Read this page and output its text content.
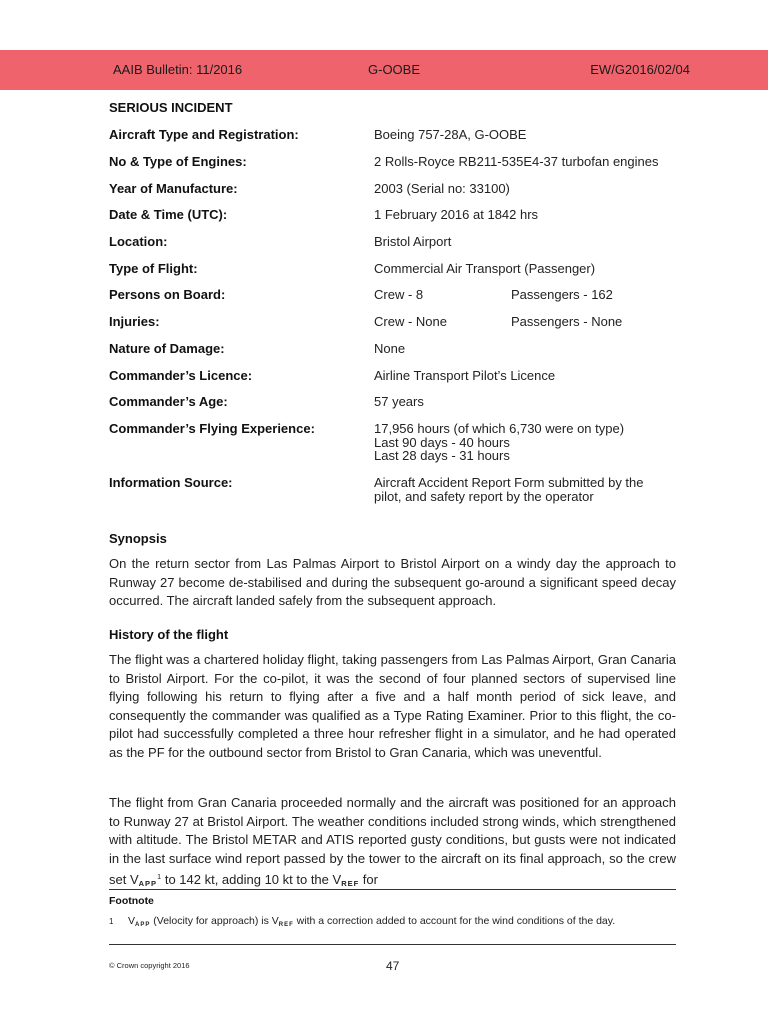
AAIB Bulletin: 11/2016	G-OOBE	EW/G2016/02/04
SERIOUS INCIDENT
Aircraft Type and Registration:	Boeing 757-28A, G-OOBE
No & Type of Engines:	2 Rolls-Royce RB211-535E4-37 turbofan engines
Year of Manufacture:	2003 (Serial no: 33100)
Date & Time (UTC):	1 February 2016 at 1842 hrs
Location:	Bristol Airport
Type of Flight:	Commercial Air Transport (Passenger)
Persons on Board:	Crew - 8	Passengers - 162
Injuries:	Crew - None	Passengers - None
Nature of Damage:	None
Commander’s Licence:	Airline Transport Pilot’s Licence
Commander’s Age:	57 years
Commander’s Flying Experience:	17,956 hours (of which 6,730 were on type)
Last 90 days - 40 hours
Last 28 days - 31 hours
Information Source:	Aircraft Accident Report Form submitted by the
pilot, and safety report by the operator
Synopsis
On the return sector from Las Palmas Airport to Bristol Airport on a windy day the approach to Runway 27 become de-stabilised and during the subsequent go-around a significant speed decay occurred. The aircraft landed safely from the subsequent approach.
History of the flight
The flight was a chartered holiday flight, taking passengers from Las Palmas Airport, Gran Canaria to Bristol Airport. For the co-pilot, it was the second of four planned sectors of supervised line flying following his return to flying after a five and a half month period of sick leave, and consequently the commander was qualified as a Type Rating Examiner. Prior to this flight, the co-pilot had successfully completed a three hour refresher flight in a simulator, and he had operated as the PF for the outbound sector from Bristol to Gran Canaria, which was uneventful.
The flight from Gran Canaria proceeded normally and the aircraft was positioned for an approach to Runway 27 at Bristol Airport. The weather conditions included strong winds, which strengthened with altitude. The Bristol METAR and ATIS reported gusty conditions, but gusts were not indicated in the last surface wind report passed by the tower to the aircraft on its final approach, so the crew set $V_{APP}^1$ to 142 kt, adding 10 kt to the $V_{REF}$ for
Footnote
1 $V_{APP}$ (Velocity for approach) is $V_{REF}$ with a correction added to account for the wind conditions of the day.
© Crown copyright 2016	47
